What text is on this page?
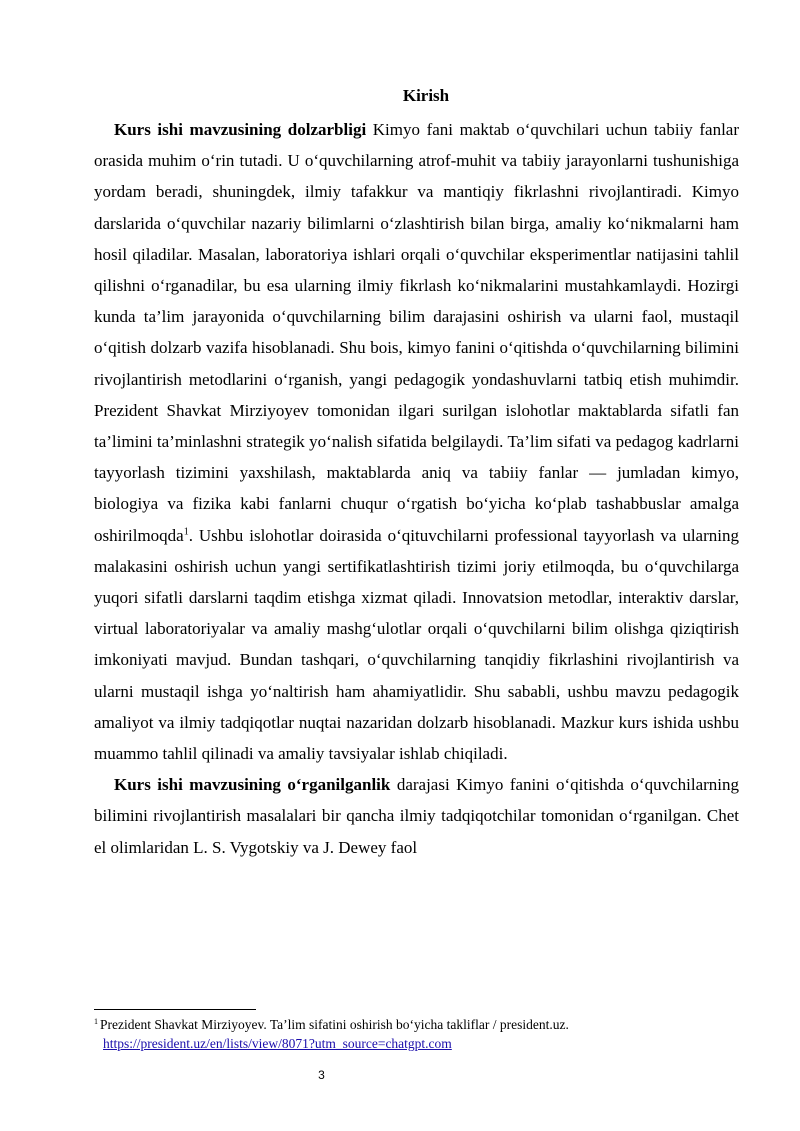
Kirish

Kurs ishi mavzusining dolzarbligi Kimyo fani maktab o‘quvchilari uchun tabiiy fanlar orasida muhim o‘rin tutadi. U o‘quvchilarning atrof-muhit va tabiiy jarayonlarni tushunishiga yordam beradi, shuningdek, ilmiy tafakkur va mantiqiy fikrlashni rivojlantiradi. Kimyo darslarida o‘quvchilar nazariy bilimlarni o‘zlashtirish bilan birga, amaliy ko‘nikmalarni ham hosil qiladilar. Masalan, laboratoriya ishlari orqali o‘quvchilar eksperimentlar natijasini tahlil qilishni o‘rganadilar, bu esa ularning ilmiy fikrlash ko‘nikmalarini mustahkamlaydi. Hozirgi kunda ta’lim jarayonida o‘quvchilarning bilim darajasini oshirish va ularni faol, mustaqil o‘qitish dolzarb vazifa hisoblanadi. Shu bois, kimyo fanini o‘qitishda o‘quvchilarning bilimini rivojlantirish metodlarini o‘rganish, yangi pedagogik yondashuvlarni tatbiq etish muhimdir. Prezident Shavkat Mirziyoyev tomonidan ilgari surilgan islohotlar maktablarda sifatli fan ta’limini ta’minlashni strategik yo‘nalish sifatida belgilaydi. Ta’lim sifati va pedagog kadrlarni tayyorlash tizimini yaxshilash, maktablarda aniq va tabiiy fanlar — jumladan kimyo, biologiya va fizika kabi fanlarni chuqur o‘rgatish bo‘yicha ko‘plab tashabbuslar amalga oshirilmoqda$^1$. Ushbu islohotlar doirasida o‘qituvchilarni professional tayyorlash va ularning malakasini oshirish uchun yangi sertifikatlashtirish tizimi joriy etilmoqda, bu o‘quvchilarga yuqori sifatli darslarni taqdim etishga xizmat qiladi. Innovatsion metodlar, interaktiv darslar, virtual laboratoriyalar va amaliy mashg‘ulotlar orqali o‘quvchilarni bilim olishga qiziqtirish imkoniyati mavjud. Bundan tashqari, o‘quvchilarning tanqidiy fikrlashini rivojlantirish va ularni mustaqil ishga yo‘naltirish ham ahamiyatlidir. Shu sababli, ushbu mavzu pedagogik amaliyot va ilmiy tadqiqotlar nuqtai nazaridan dolzarb hisoblanadi. Mazkur kurs ishida ushbu muammo tahlil qilinadi va amaliy tavsiyalar ishlab chiqiladi.

Kurs ishi mavzusining o‘rganilganlik darajasi Kimyo fanini o‘qitishda o‘quvchilarning bilimini rivojlantirish masalalari bir qancha ilmiy tadqiqotchilar tomonidan o‘rganilgan. Chet el olimlaridan L. S. Vygotskiy va J. Dewey faol

$^1$ Prezident Shavkat Mirziyoyev. Ta’lim sifatini oshirish bo‘yicha takliflar / president.uz.
https://president.uz/en/lists/view/8071?utm_source=chatgpt.com
3
